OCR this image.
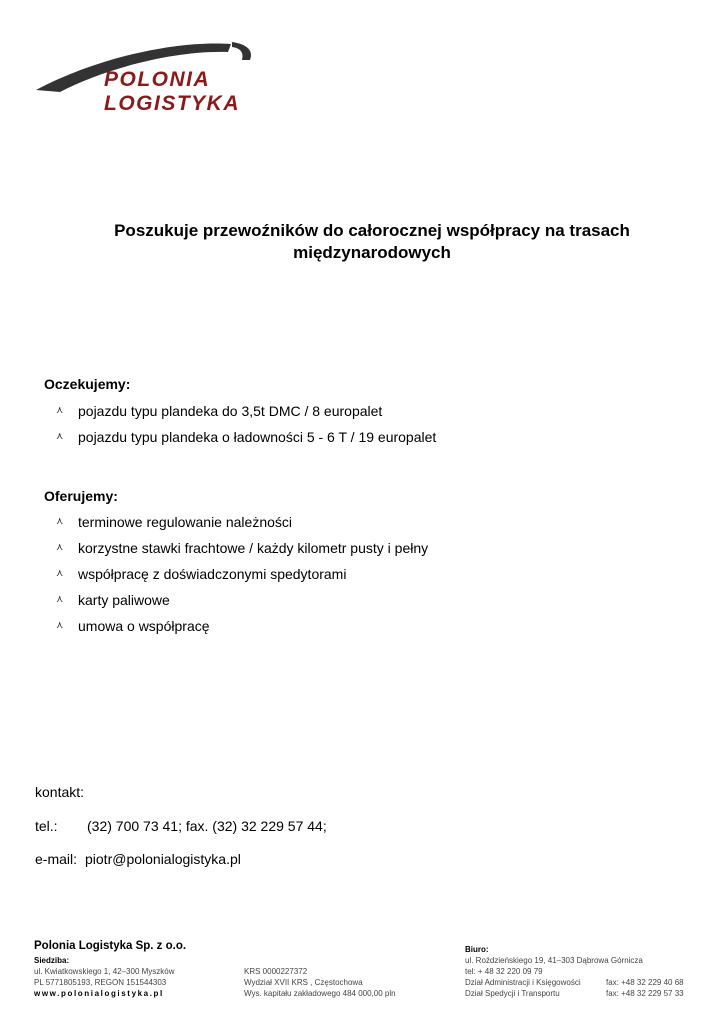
POLONIA LOGISTYKA
Poszukuje przewoźników do całorocznej współpracy na trasach
międzynarodowych
Oczekujemy:
⋏	pojazdu typu plandeka do 3,5t DMC / 8 europalet
⋏	pojazdu typu plandeka o ładowności 5 - 6 T / 19 europalet
Oferujemy:
⋏	terminowe regulowanie należności
⋏	korzystne stawki frachtowe / każdy kilometr pusty i pełny
⋏	współpracę z doświadczonymi spedytorami
⋏	karty paliwowe
⋏	umowa o współpracę
kontakt:
tel.:	(32) 700 73 41; fax. (32) 32 229 57 44;
e-mail: piotr@polonialogistyka.pl
Polonia Logistyka Sp. z o.o.
Siedziba:
ul. Kwiatkowskiego 1, 42–300 Myszków
PL 5771805193, REGON 151544303
www.polonialogistyka.pl
KRS 0000227372
Wydział XVII KRS , Częstochowa
Wys. kapitału zakładowego 484 000,00 pln
Biuro:
ul. Roździeńskiego 19, 41–303 Dąbrowa Górnicza
tel: + 48 32 220 09 79
Dział Administracji i Księgowości	fax: +48 32 229 40 68
Dział Spedycji i Transportu	fax: +48 32 229 57 33
